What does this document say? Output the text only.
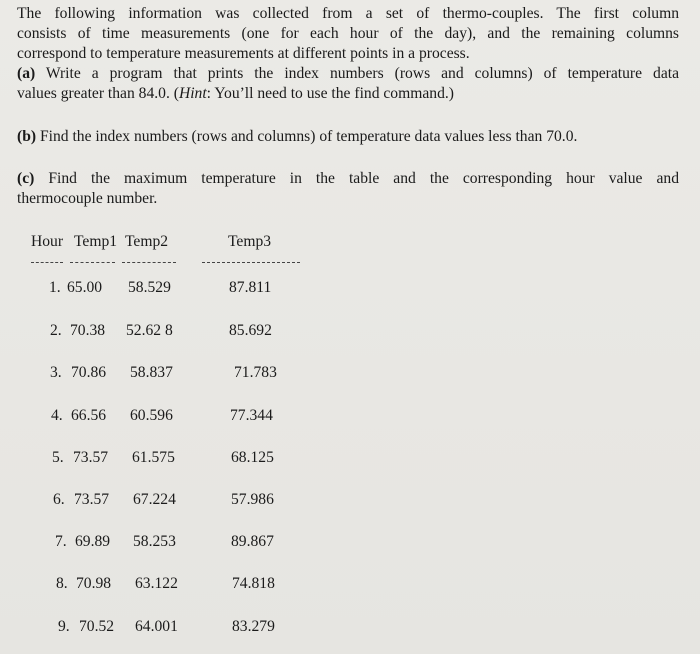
The following information was collected from a set of thermo-couples. The first column
consists of time measurements (one for each hour of the day), and the remaining columns
correspond to temperature measurements at different points in a process.
(a) Write a program that prints the index numbers (rows and columns) of temperature data
values greater than 84.0. (Hint: You’ll need to use the find command.)

(b) Find the index numbers (rows and columns) of temperature data values less than 70.0.

(c) Find the maximum temperature in the table and the corresponding hour value and
thermocouple number.
Hour Temp1 Temp2	Temp3
1. 65.00 58.529	87.811
2. 70.38 52.62 8	85.692
3. 70.86 58.837	71.783
4. 66.56 60.596	77.344
5. 73.57 61.575	68.125
6. 73.57 67.224	57.986
7. 69.89 58.253	89.867
8. 70.98 63.122	74.818
9. 70.52 64.001	83.279
